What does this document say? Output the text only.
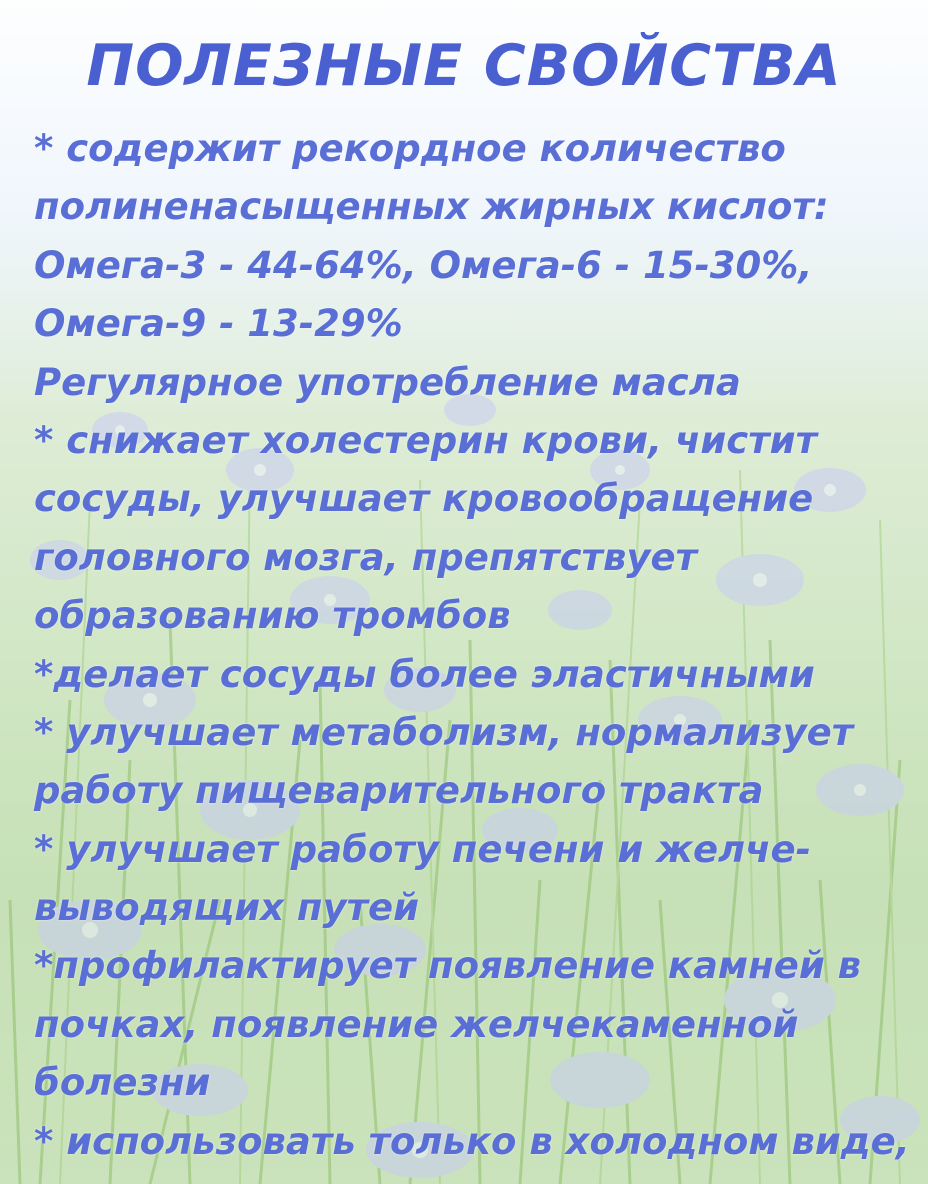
ПОЛЕЗНЫЕ СВОЙСТВА
* содержит рекордное количество
полиненасыщенных жирных кислот:
Омега-3 - 44-64%, Омега-6 - 15-30%,
Омега-9 - 13-29%
Регулярное употребление масла
* снижает холестерин крови, чистит
сосуды, улучшает кровообращение
головного мозга, препятствует
образованию тромбов
*делает сосуды более эластичными
* улучшает метаболизм, нормализует
работу пищеварительного тракта
* улучшает работу печени и желче-
выводящих путей
*профилактирует появление камней в
почках, появление желчекаменной
болезни
* использовать только в холодном виде,
